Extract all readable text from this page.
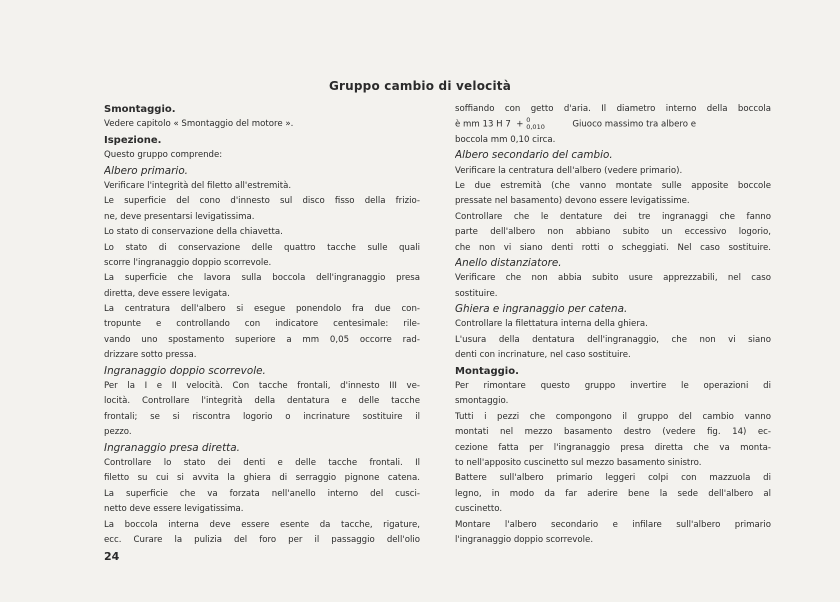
Gruppo cambio di velocità
Smontaggio.
Vedere capitolo « Smontaggio del motore ».
Ispezione.
Questo gruppo comprende:
Albero primario.
Verificare l'integrità del filetto all'estremità.
Le superficie del cono d'innesto sul disco fisso della frizio-
ne, deve presentarsi levigatissima.
Lo stato di conservazione della chiavetta.
Lo stato di conservazione delle quattro tacche sulle quali
scorre l'ingranaggio doppio scorrevole.
La superficie che lavora sulla boccola dell'ingranaggio presa
diretta, deve essere levigata.
La centratura dell'albero si esegue ponendolo fra due con-
tropunte e controllando con indicatore centesimale: rile-
vando uno spostamento superiore a mm 0,05 occorre rad-
drizzare sotto pressa.
Ingranaggio doppio scorrevole.
Per la I e II velocità. Con tacche frontali, d'innesto III ve-
locità. Controllare l'integrità della dentatura e delle tacche
frontali; se si riscontra logorio o incrinature sostituire il
pezzo.
Ingranaggio presa diretta.
Controllare lo stato dei denti e delle tacche frontali. Il
filetto su cui si avvita la ghiera di serraggio pignone catena.
La superficie che va forzata nell'anello interno del cusci-
netto deve essere levigatissima.
La boccola interna deve essere esente da tacche, rigature,
ecc. Curare la pulizia del foro per il passaggio dell'olio
soffiando con getto d'aria. Il diametro interno della boccola
è mm 13 H 7 + 0
0,010	Giuoco massimo tra albero e
boccola mm 0,10 circa.
Albero secondario del cambio.
Verificare la centratura dell'albero (vedere primario).
Le due estremità (che vanno montate sulle apposite boccole
pressate nel basamento) devono essere levigatissime.
Controllare che le dentature dei tre ingranaggi che fanno
parte dell'albero non abbiano subito un eccessivo logorio,
che non vi siano denti rotti o scheggiati. Nel caso sostituire.
Anello distanziatore.
Verificare che non abbia subito usure apprezzabili, nel caso
sostituire.
Ghiera e ingranaggio per catena.
Controllare la filettatura interna della ghiera.
L'usura della dentatura dell'ingranaggio, che non vi siano
denti con incrinature, nel caso sostituire.
Montaggio.
Per rimontare questo gruppo invertire le operazioni di
smontaggio.
Tutti i pezzi che compongono il gruppo del cambio vanno
montati nel mezzo basamento destro (vedere fig. 14) ec-
cezione fatta per l'ingranaggio presa diretta che va monta-
to nell'apposito cuscinetto sul mezzo basamento sinistro.
Battere sull'albero primario leggeri colpi con mazzuola di
legno, in modo da far aderire bene la sede dell'albero al
cuscinetto.
Montare l'albero secondario e infilare sull'albero primario
l'ingranaggio doppio scorrevole.
24
